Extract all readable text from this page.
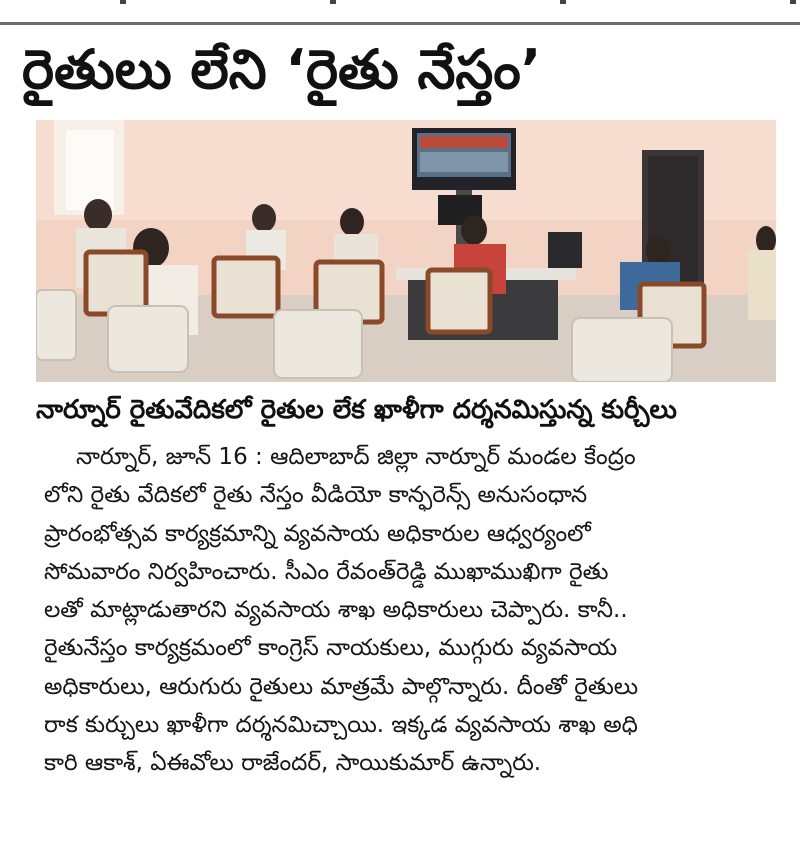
రైతులు లేని ‘రైతు నేస్తం’
నార్నూర్ రైతువేదికలో రైతుల లేక ఖాళీగా దర్శనమిస్తున్న కుర్చీలు

నార్నూర్, జూన్ 16 : ఆదిలాబాద్ జిల్లా నార్నూర్ మండల కేంద్రం

లోని రైతు వేదికలో రైతు నేస్తం వీడియో కాన్ఫరెన్స్ అనుసంధాన

ప్రారంభోత్సవ కార్యక్రమాన్ని వ్యవసాయ అధికారుల ఆధ్వర్యంలో

సోమవారం నిర్వహించారు. సీఎం రేవంత్‌రెడ్డి ముఖాముఖిగా రైతు

లతో మాట్లాడుతారని వ్యవసాయ శాఖ అధికారులు చెప్పారు. కానీ..

రైతునేస్తం కార్యక్రమంలో కాంగ్రెస్ నాయకులు, ముగ్గురు వ్యవసాయ

అధికారులు, ఆరుగురు రైతులు మాత్రమే పాల్గొన్నారు. దీంతో రైతులు

రాక కుర్చులు ఖాళీగా దర్శనమిచ్చాయి. ఇక్కడ వ్యవసాయ శాఖ అధి

కారి ఆకాశ్, ఏఈవోలు రాజేందర్, సాయికుమార్ ఉన్నారు.
